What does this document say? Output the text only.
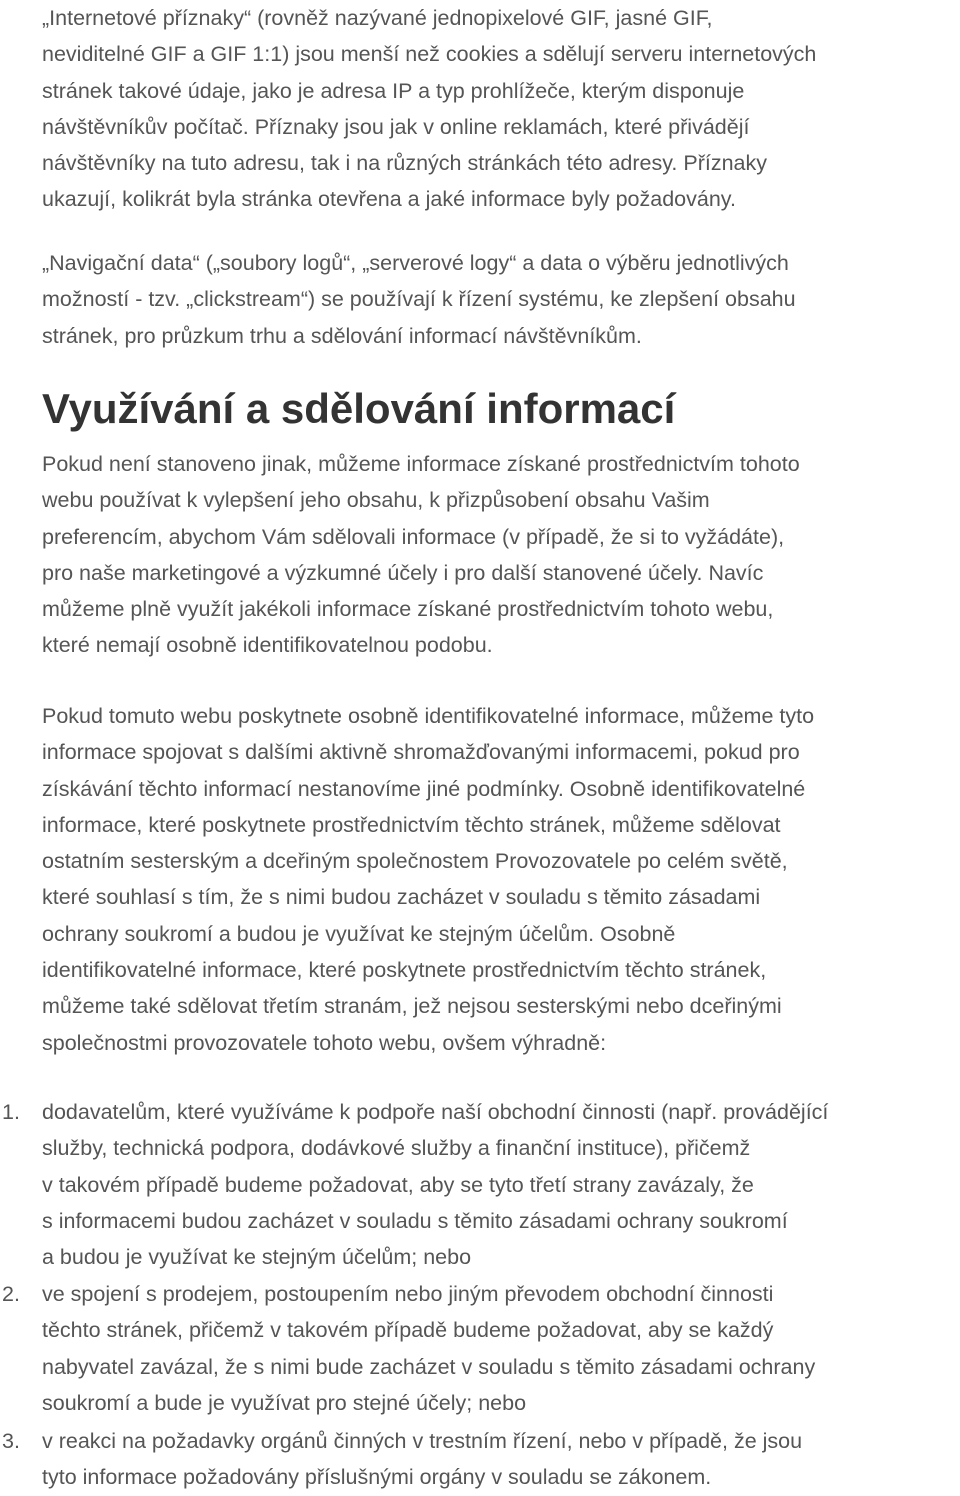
„Internetové příznaky“ (rovněž nazývané jednopixelové GIF, jasné GIF,
neviditelné GIF a GIF 1:1) jsou menší než cookies a sdělují serveru internetových
stránek takové údaje, jako je adresa IP a typ prohlížeče, kterým disponuje
návštěvníkův počítač. Příznaky jsou jak v online reklamách, které přivádějí
návštěvníky na tuto adresu, tak i na různých stránkách této adresy. Příznaky
ukazují, kolikrát byla stránka otevřena a jaké informace byly požadovány.

„Navigační data“ („soubory logů“, „serverové logy“ a data o výběru jednotlivých
možností - tzv. „clickstream“) se používají k řízení systému, ke zlepšení obsahu
stránek, pro průzkum trhu a sdělování informací návštěvníkům.

Využívání a sdělování informací

Pokud není stanoveno jinak, můžeme informace získané prostřednictvím tohoto
webu používat k vylepšení jeho obsahu, k přizpůsobení obsahu Vašim
preferencím, abychom Vám sdělovali informace (v případě, že si to vyžádáte),
pro naše marketingové a výzkumné účely i pro další stanovené účely. Navíc
můžeme plně využít jakékoli informace získané prostřednictvím tohoto webu,
které nemají osobně identifikovatelnou podobu.

Pokud tomuto webu poskytnete osobně identifikovatelné informace, můžeme tyto
informace spojovat s dalšími aktivně shromažďovanými informacemi, pokud pro
získávání těchto informací nestanovíme jiné podmínky. Osobně identifikovatelné
informace, které poskytnete prostřednictvím těchto stránek, můžeme sdělovat
ostatním sesterským a dceřiným společnostem Provozovatele po celém světě,
které souhlasí s tím, že s nimi budou zacházet v souladu s těmito zásadami
ochrany soukromí a budou je využívat ke stejným účelům. Osobně
identifikovatelné informace, které poskytnete prostřednictvím těchto stránek,
můžeme také sdělovat třetím stranám, jež nejsou sesterskými nebo dceřinými
společnostmi provozovatele tohoto webu, ovšem výhradně:

1. dodavatelům, které využíváme k podpoře naší obchodní činnosti (např. provádějící
služby, technická podpora, dodávkové služby a finanční instituce), přičemž
v takovém případě budeme požadovat, aby se tyto třetí strany zavázaly, že
s informacemi budou zacházet v souladu s těmito zásadami ochrany soukromí
a budou je využívat ke stejným účelům; nebo
2. ve spojení s prodejem, postoupením nebo jiným převodem obchodní činnosti
těchto stránek, přičemž v takovém případě budeme požadovat, aby se každý
nabyvatel zavázal, že s nimi bude zacházet v souladu s těmito zásadami ochrany
soukromí a bude je využívat pro stejné účely; nebo
3. v reakci na požadavky orgánů činných v trestním řízení, nebo v případě, že jsou
tyto informace požadovány příslušnými orgány v souladu se zákonem.
